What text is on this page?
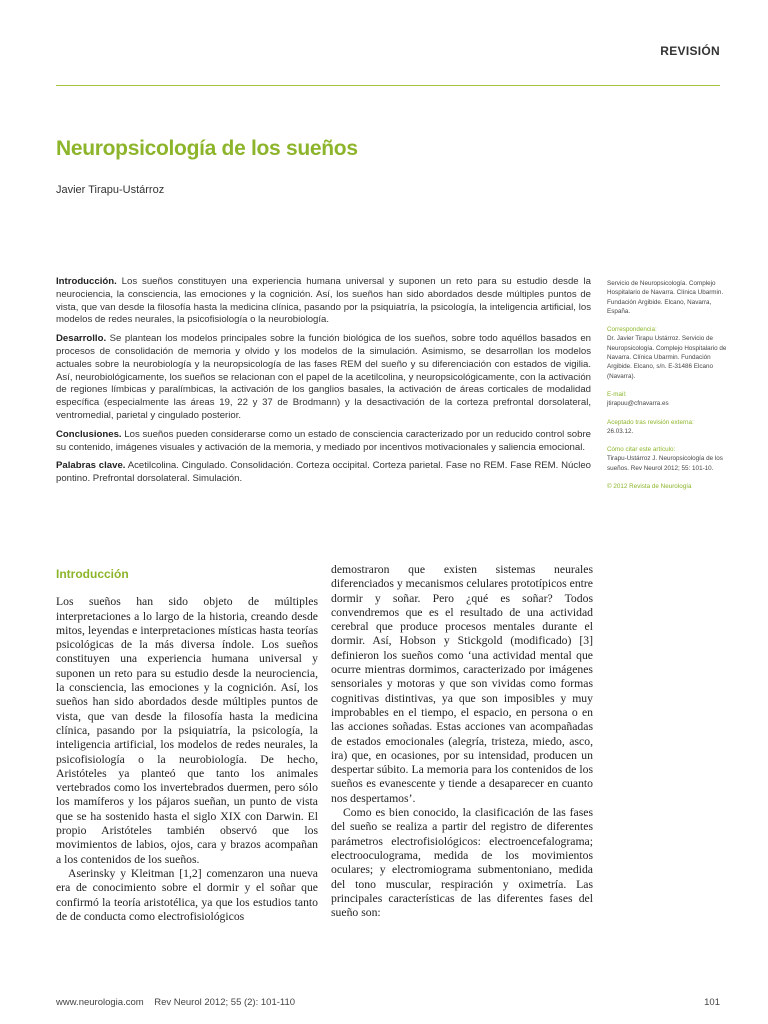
REVISIÓN
Neuropsicología de los sueños
Javier Tirapu-Ustárroz

Introducción. Los sueños constituyen una experiencia humana universal y suponen un reto para su estudio desde la neurociencia, la consciencia, las emociones y la cognición. Así, los sueños han sido abordados desde múltiples puntos de vista, que van desde la filosofía hasta la medicina clínica, pasando por la psiquiatría, la psicología, la inteligencia artificial, los modelos de redes neurales, la psicofisiología o la neurobiología.

Desarrollo. Se plantean los modelos principales sobre la función biológica de los sueños, sobre todo aquéllos basados en procesos de consolidación de memoria y olvido y los modelos de la simulación. Asimismo, se desarrollan los modelos actuales sobre la neurobiología y la neuropsicología de las fases REM del sueño y su diferenciación con estados de vigilia. Así, neurobiológicamente, los sueños se relacionan con el papel de la acetilcolina, y neuropsicológicamente, con la activación de regiones límbicas y paralímbicas, la activación de los ganglios basales, la activación de áreas corticales de modalidad específica (especialmente las áreas 19, 22 y 37 de Brodmann) y la desactivación de la corteza prefrontal dorsolateral, ventromedial, parietal y cingulado posterior.

Conclusiones. Los sueños pueden considerarse como un estado de consciencia caracterizado por un reducido control sobre su contenido, imágenes visuales y activación de la memoria, y mediado por incentivos motivacionales y saliencia emocional.

Palabras clave. Acetilcolina. Cingulado. Consolidación. Corteza occipital. Corteza parietal. Fase no REM. Fase REM. Núcleo pontino. Prefrontal dorsolateral. Simulación.

Servicio de Neuropsicología. Complejo Hospitalario de Navarra. Clínica Ubarmin. Fundación Argibide. Elcano, Navarra, España.
Correspondencia:
Dr. Javier Tirapu Ustárroz. Servicio de Neuropsicología. Complejo Hospitalario de Navarra. Clínica Ubarmin. Fundación Argibide. Elcano, s/n. E-31486 Elcano (Navarra).
E-mail:
jtirapuu@cfnavarra.es
Aceptado tras revisión externa:
26.03.12.
Cómo citar este artículo:
Tirapu-Ustárroz J. Neuropsicología de los sueños. Rev Neurol 2012; 55: 101-10.
© 2012 Revista de Neurología
Introducción

Los sueños han sido objeto de múltiples interpretaciones a lo largo de la historia, creando desde mitos, leyendas e interpretaciones místicas hasta teorías psicológicas de la más diversa índole. Los sueños constituyen una experiencia humana universal y suponen un reto para su estudio desde la neurociencia, la consciencia, las emociones y la cognición. Así, los sueños han sido abordados desde múltiples puntos de vista, que van desde la filosofía hasta la medicina clínica, pasando por la psiquiatría, la psicología, la inteligencia artificial, los modelos de redes neurales, la psicofisiología o la neurobiología. De hecho, Aristóteles ya planteó que tanto los animales vertebrados como los invertebrados duermen, pero sólo los mamíferos y los pájaros sueñan, un punto de vista que se ha sostenido hasta el siglo XIX con Darwin. El propio Aristóteles también observó que los movimientos de labios, ojos, cara y brazos acompañan a los contenidos de los sueños.

Aserinsky y Kleitman [1,2] comenzaron una nueva era de conocimiento sobre el dormir y el soñar que confirmó la teoría aristotélica, ya que los estudios tanto de de conducta como electrofisiológicos

demostraron que existen sistemas neurales diferenciados y mecanismos celulares prototípicos entre dormir y soñar. Pero ¿qué es soñar? Todos convendremos que es el resultado de una actividad cerebral que produce procesos mentales durante el dormir. Así, Hobson y Stickgold (modificado) [3] definieron los sueños como ‘una actividad mental que ocurre mientras dormimos, caracterizado por imágenes sensoriales y motoras y que son vividas como formas cognitivas distintivas, ya que son imposibles y muy improbables en el tiempo, el espacio, en persona o en las acciones soñadas. Estas acciones van acompañadas de estados emocionales (alegría, tristeza, miedo, asco, ira) que, en ocasiones, por su intensidad, producen un despertar súbito. La memoria para los contenidos de los sueños es evanescente y tiende a desaparecer en cuanto nos despertamos’.

Como es bien conocido, la clasificación de las fases del sueño se realiza a partir del registro de diferentes parámetros electrofisiológicos: electroencefalograma; electrooculograma, medida de los movimientos oculares; y electromiograma submentoniano, medida del tono muscular, respiración y oximetría. Las principales características de las diferentes fases del sueño son:

www.neurologia.com    Rev Neurol 2012; 55 (2): 101-110	101
